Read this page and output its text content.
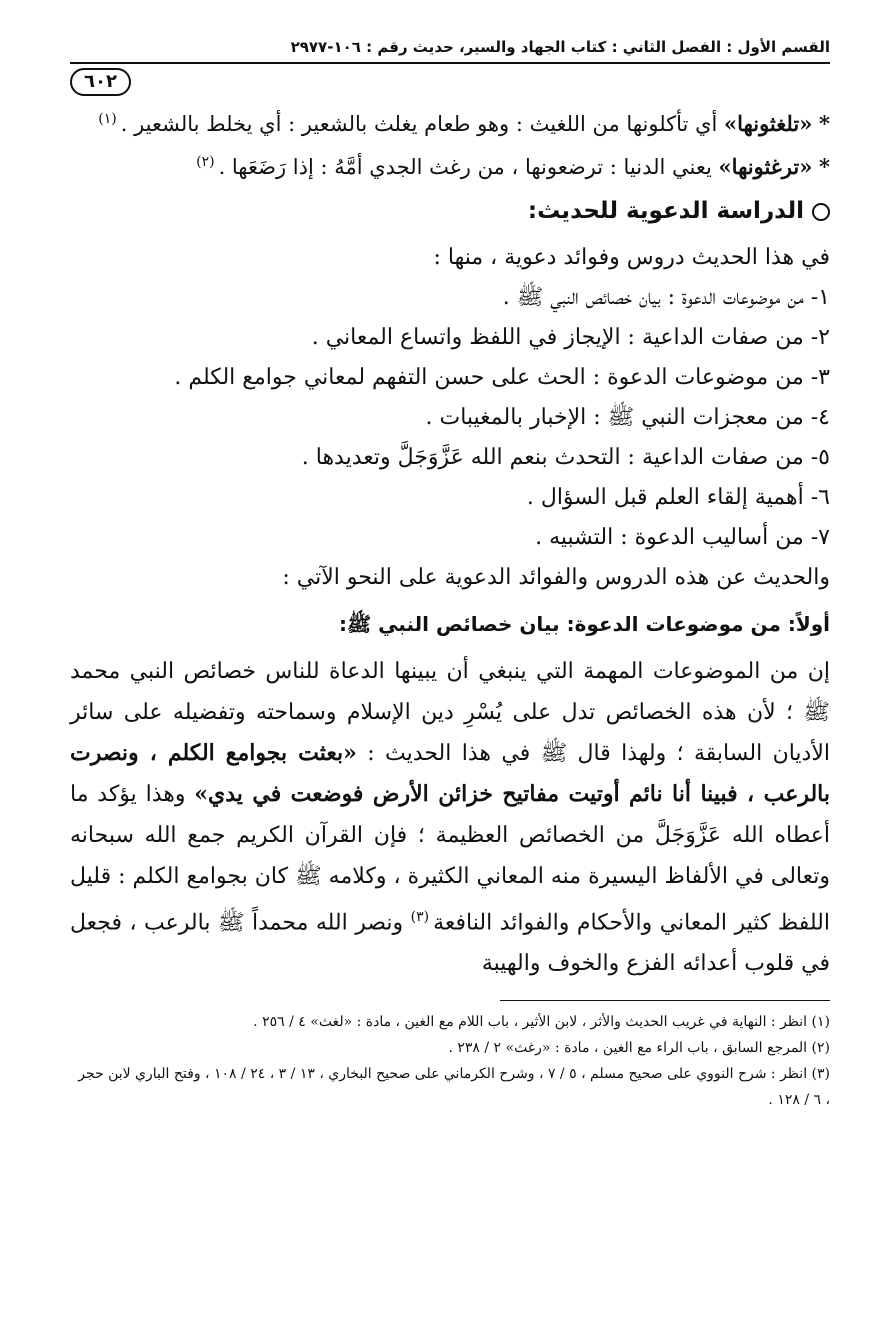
القسم الأول : الفصل الثاني : كتاب الجهاد والسير، حديث رقم : ١٠٦-٢٩٧٧
٦٠٢

* «تلغثونها» أي تأكلونها من اللغيث : وهو طعام يغلث بالشعير : أي يخلط بالشعير .$^{(١)}$

* «ترغثونها» يعني الدنيا : ترضعونها ، من رغث الجدي أمَّهُ : إذا رَضَعَها .$^{(٢)}$

الدراسة الدعوية للحديث:

في هذا الحديث دروس وفوائد دعوية ، منها :

١- من موضوعات الدعوة : بيان خصائص النبي ﷺ .
٢- من صفات الداعية : الإيجاز في اللفظ واتساع المعاني .
٣- من موضوعات الدعوة : الحث على حسن التفهم لمعاني جوامع الكلم .
٤- من معجزات النبي ﷺ : الإخبار بالمغيبات .
٥- من صفات الداعية : التحدث بنعم الله عَزَّوَجَلَّ وتعديدها .
٦- أهمية إلقاء العلم قبل السؤال .
٧- من أساليب الدعوة : التشبيه .

والحديث عن هذه الدروس والفوائد الدعوية على النحو الآتي :

أولاً: من موضوعات الدعوة: بيان خصائص النبي ﷺ:

إن من الموضوعات المهمة التي ينبغي أن يبينها الدعاة للناس خصائص النبي محمد ﷺ ؛ لأن هذه الخصائص تدل على يُسْرِ دين الإسلام وسماحته وتفضيله على سائر الأديان السابقة ؛ ولهذا قال ﷺ في هذا الحديث : «بعثت بجوامع الكلم ، ونصرت بالرعب ، فبينا أنا نائم أوتيت مفاتيح خزائن الأرض فوضعت في يدي» وهذا يؤكد ما أعطاه الله عَزَّوَجَلَّ من الخصائص العظيمة ؛ فإن القرآن الكريم جمع الله سبحانه وتعالى في الألفاظ اليسيرة منه المعاني الكثيرة ، وكلامه ﷺ كان بجوامع الكلم : قليل اللفظ كثير المعاني والأحكام والفوائد النافعة$^{(٣)}$ ونصر الله محمداً ﷺ بالرعب ، فجعل في قلوب أعدائه الفزع والخوف والهيبة

(١) انظر : النهاية في غريب الحديث والأثر ، لابن الأثير ، باب اللام مع الغين ، مادة : «لغث» ٤ / ٢٥٦ .
(٢) المرجع السابق ، باب الراء مع الغين ، مادة : «رغث» ٢ / ٢٣٨ .
(٣) انظر : شرح النووي على صحيح مسلم ، ٥ / ٧ ، وشرح الكرماني على صحيح البخاري ، ١٣ / ٣ ، ٢٤ / ١٠٨ ، وفتح الباري لابن حجر ، ٦ / ١٢٨ .
